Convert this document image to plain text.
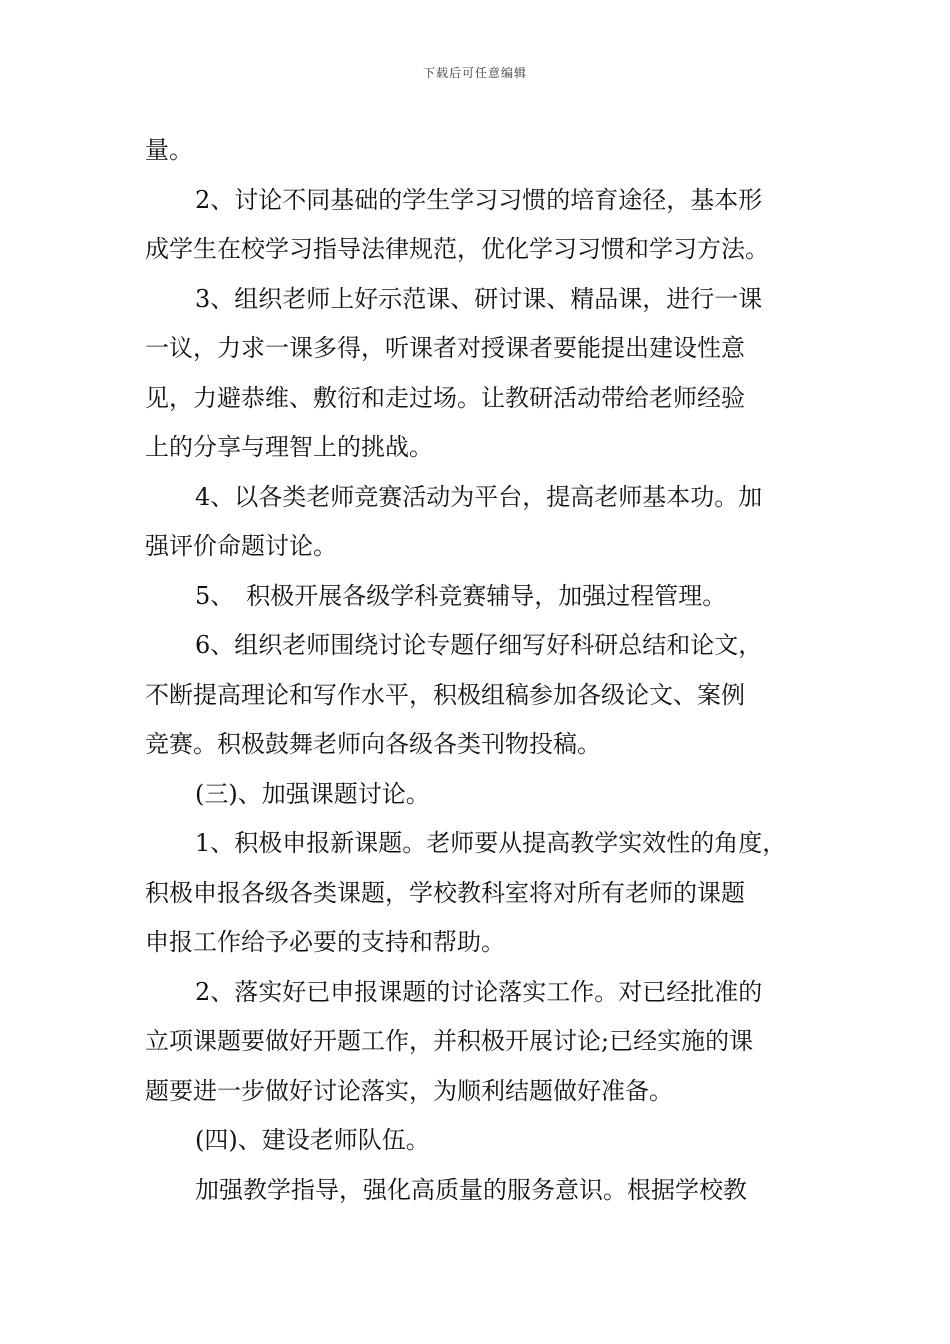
下载后可任意编辑
量。
2、讨论不同基础的学生学习习惯的培育途径，基本形
成学生在校学习指导法律规范，优化学习习惯和学习方法。
3、组织老师上好示范课、研讨课、精品课，进行一课
一议，力求一课多得，听课者对授课者要能提出建设性意
见，力避恭维、敷衍和走过场。让教研活动带给老师经验
上的分享与理智上的挑战。
4、以各类老师竞赛活动为平台，提高老师基本功。加
强评价命题讨论。
5、　积极开展各级学科竞赛辅导，加强过程管理。
6、组织老师围绕讨论专题仔细写好科研总结和论文，
不断提高理论和写作水平，积极组稿参加各级论文、案例
竞赛。积极鼓舞老师向各级各类刊物投稿。
(三)、加强课题讨论。
1、积极申报新课题。老师要从提高教学实效性的角度，
积极申报各级各类课题，学校教科室将对所有老师的课题
申报工作给予必要的支持和帮助。
2、落实好已申报课题的讨论落实工作。对已经批准的
立项课题要做好开题工作，并积极开展讨论;已经实施的课
题要进一步做好讨论落实，为顺利结题做好准备。
(四)、建设老师队伍。
加强教学指导，强化高质量的服务意识。根据学校教
